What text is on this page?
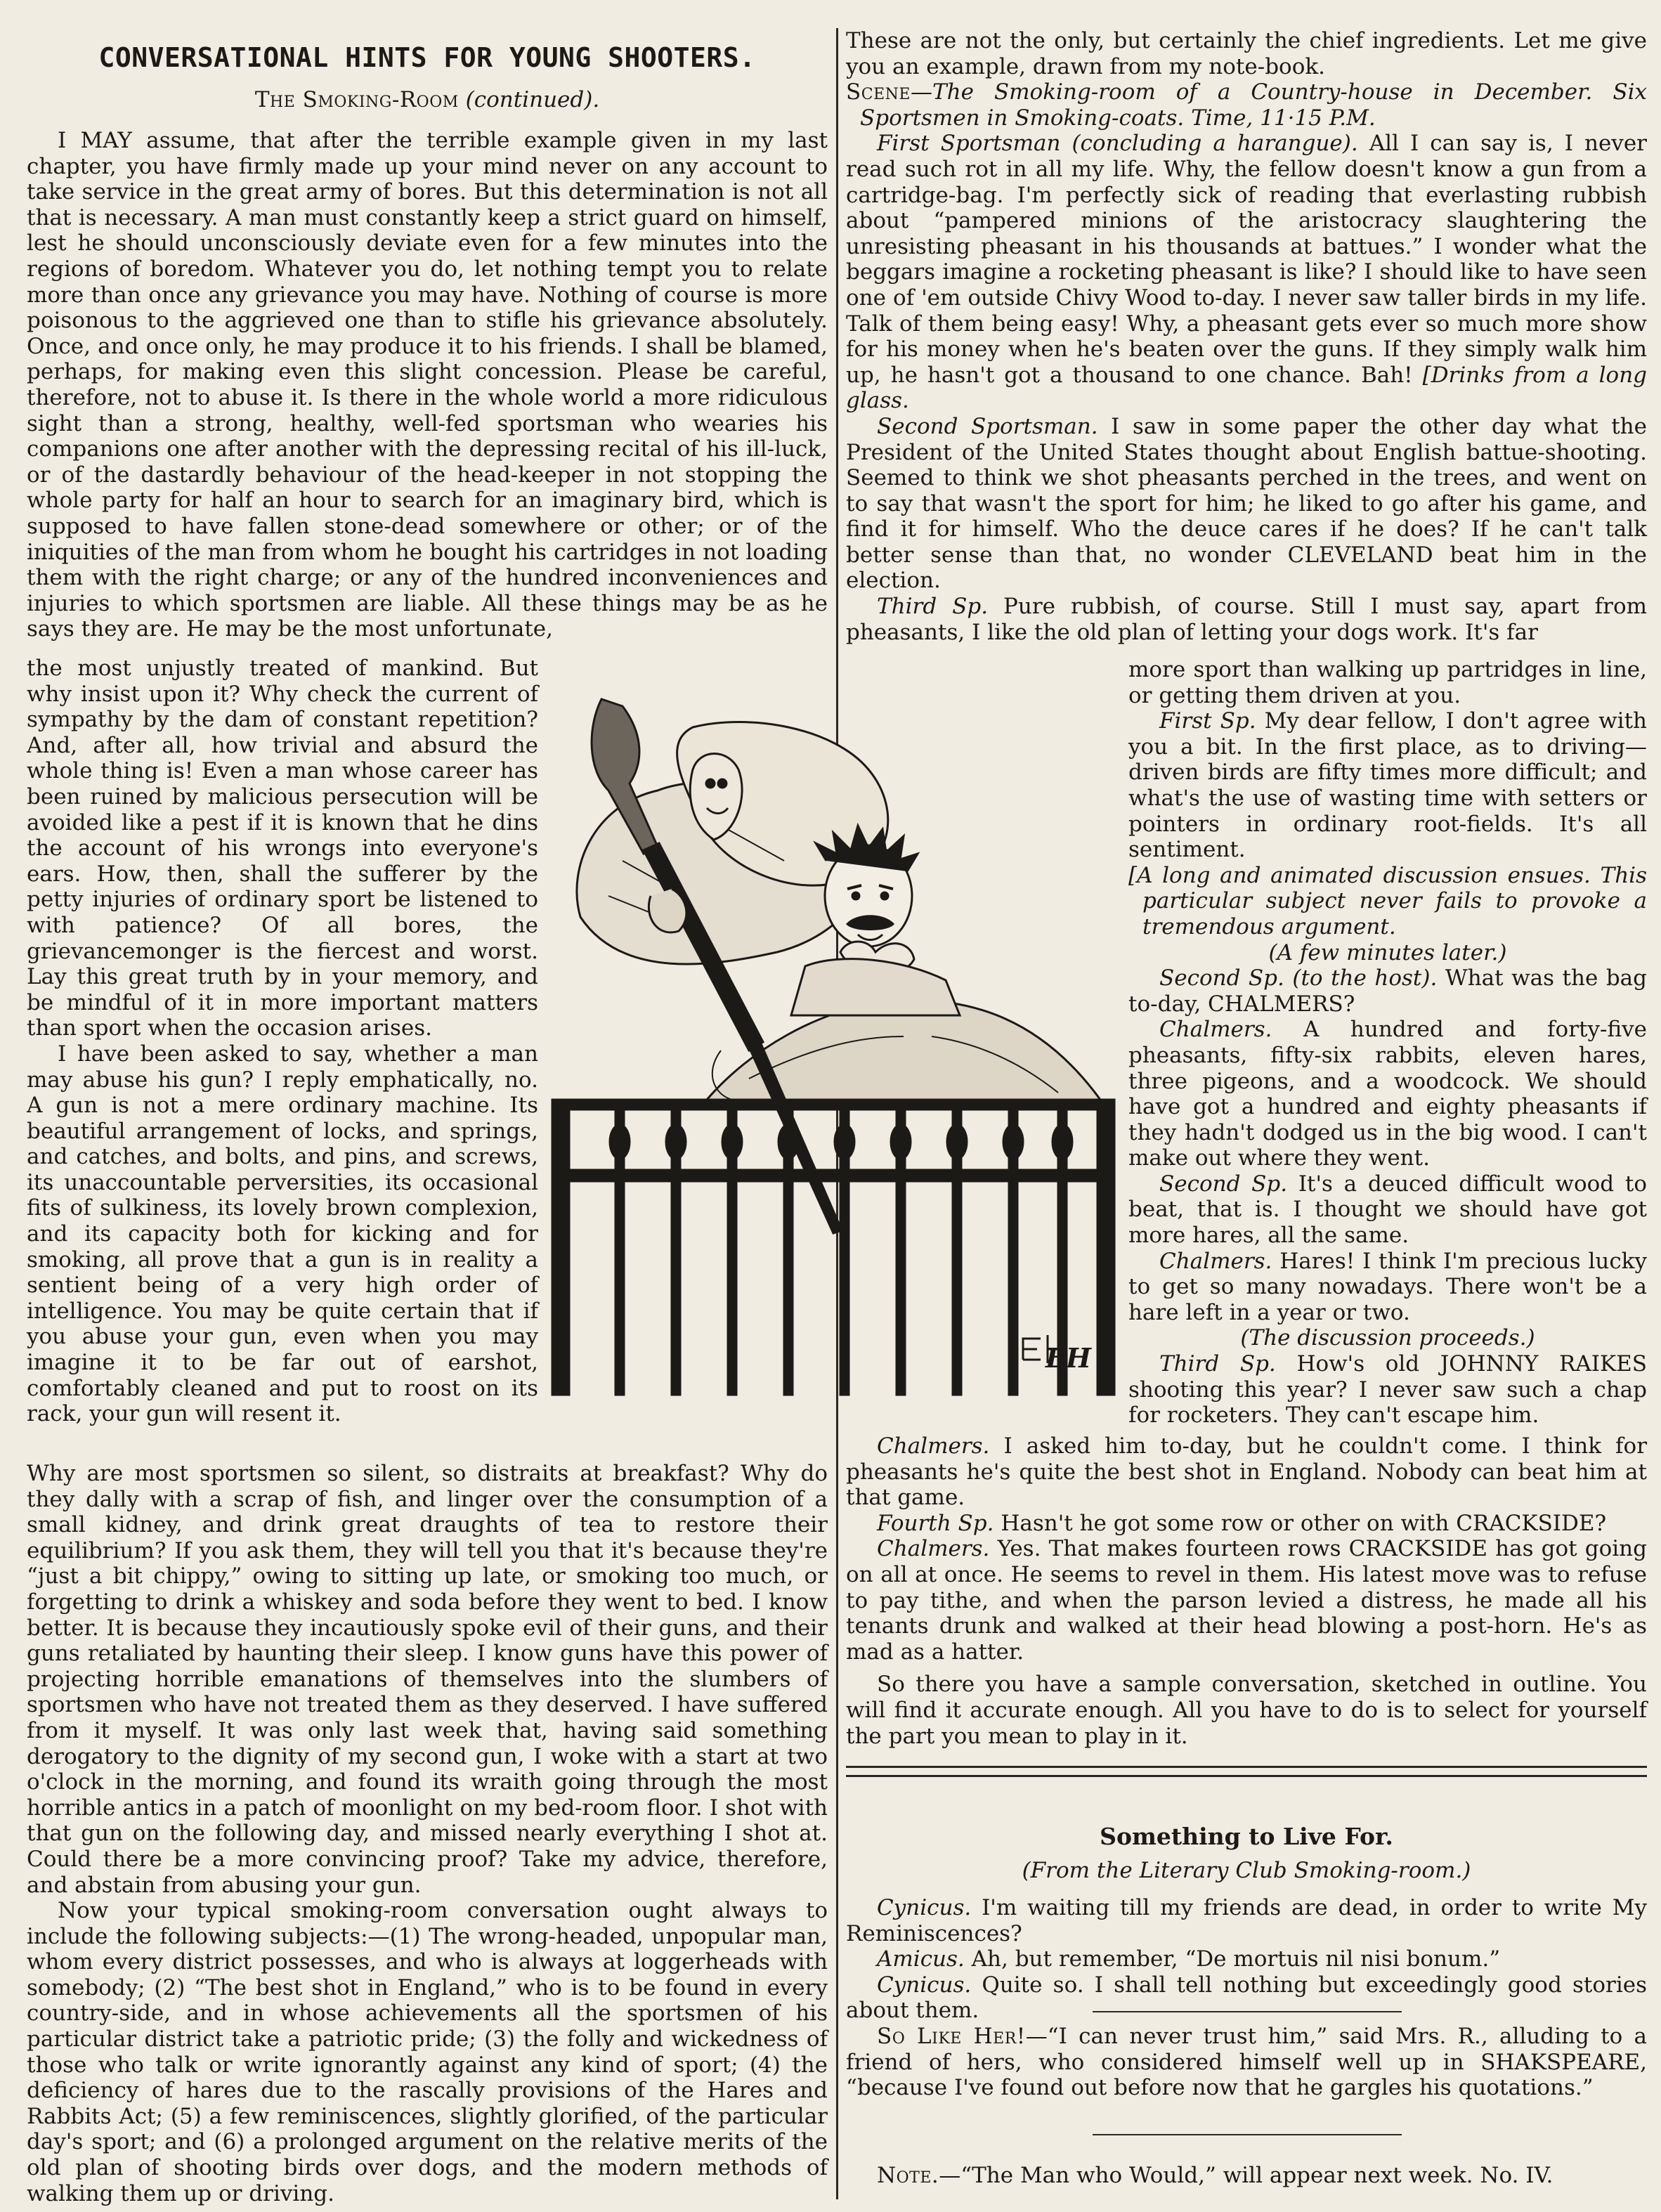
CONVERSATIONAL HINTS FOR YOUNG SHOOTERS.
The Smoking-Room (continued).

I MAY assume, that after the terrible example given in my last chapter, you have firmly made up your mind never on any account to take service in the great army of bores. But this determination is not all that is necessary. A man must constantly keep a strict guard on himself, lest he should unconsciously deviate even for a few minutes into the regions of boredom. Whatever you do, let nothing tempt you to relate more than once any grievance you may have. Nothing of course is more poisonous to the aggrieved one than to stifle his grievance absolutely. Once, and once only, he may produce it to his friends. I shall be blamed, perhaps, for making even this slight concession. Please be careful, therefore, not to abuse it. Is there in the whole world a more ridiculous sight than a strong, healthy, well-fed sportsman who wearies his companions one after another with the depressing recital of his ill-luck, or of the dastardly behaviour of the head-keeper in not stopping the whole party for half an hour to search for an imaginary bird, which is supposed to have fallen stone-dead somewhere or other; or of the iniquities of the man from whom he bought his cartridges in not loading them with the right charge; or any of the hundred inconveniences and injuries to which sportsmen are liable. All these things may be as he says they are. He may be the most unfortunate,

the most unjustly treated of mankind. But why insist upon it? Why check the current of sympathy by the dam of constant repetition? And, after all, how trivial and absurd the whole thing is! Even a man whose career has been ruined by malicious persecution will be avoided like a pest if it is known that he dins the account of his wrongs into everyone's ears. How, then, shall the sufferer by the petty injuries of ordinary sport be listened to with patience? Of all bores, the grievancemonger is the fiercest and worst. Lay this great truth by in your memory, and be mindful of it in more important matters than sport when the occasion arises.

I have been asked to say, whether a man may abuse his gun? I reply emphatically, no. A gun is not a mere ordinary machine. Its beautiful arrangement of locks, and springs, and catches, and bolts, and pins, and screws, its unaccountable perversities, its occasional fits of sulkiness, its lovely brown complexion, and its capacity both for kicking and for smoking, all prove that a gun is in reality a sentient being of a very high order of intelligence. You may be quite certain that if you abuse your gun, even when you may imagine it to be far out of earshot, comfortably cleaned and put to roost on its rack, your gun will resent it.

Why are most sportsmen so silent, so distraits at breakfast? Why do they dally with a scrap of fish, and linger over the consumption of a small kidney, and drink great draughts of tea to restore their equilibrium? If you ask them, they will tell you that it's because they're “just a bit chippy,” owing to sitting up late, or smoking too much, or forgetting to drink a whiskey and soda before they went to bed. I know better. It is because they incautiously spoke evil of their guns, and their guns retaliated by haunting their sleep. I know guns have this power of projecting horrible emanations of themselves into the slumbers of sportsmen who have not treated them as they deserved. I have suffered from it myself. It was only last week that, having said something derogatory to the dignity of my second gun, I woke with a start at two o'clock in the morning, and found its wraith going through the most horrible antics in a patch of moonlight on my bed-room floor. I shot with that gun on the following day, and missed nearly everything I shot at. Could there be a more convincing proof? Take my advice, therefore, and abstain from abusing your gun.

Now your typical smoking-room conversation ought always to include the following subjects:—(1) The wrong-headed, unpopular man, whom every district possesses, and who is always at loggerheads with somebody; (2) “The best shot in England,” who is to be found in every country-side, and in whose achievements all the sportsmen of his particular district take a patriotic pride; (3) the folly and wickedness of those who talk or write ignorantly against any kind of sport; (4) the deficiency of hares due to the rascally provisions of the Hares and Rabbits Act; (5) a few reminiscences, slightly glorified, of the particular day's sport; and (6) a prolonged argument on the relative merits of the old plan of shooting birds over dogs, and the modern methods of walking them up or driving.

These are not the only, but certainly the chief ingredients. Let me give you an example, drawn from my note-book.

Scene—The Smoking-room of a Country-house in December. Six Sportsmen in Smoking-coats. Time, 11·15 P.M.

First Sportsman (concluding a harangue). All I can say is, I never read such rot in all my life. Why, the fellow doesn't know a gun from a cartridge-bag. I'm perfectly sick of reading that everlasting rubbish about “pampered minions of the aristocracy slaughtering the unresisting pheasant in his thousands at battues.” I wonder what the beggars imagine a rocketing pheasant is like? I should like to have seen one of 'em outside Chivy Wood to-day. I never saw taller birds in my life. Talk of them being easy! Why, a pheasant gets ever so much more show for his money when he's beaten over the guns. If they simply walk him up, he hasn't got a thousand to one chance. Bah! [Drinks from a long glass.

Second Sportsman. I saw in some paper the other day what the President of the United States thought about English battue-shooting. Seemed to think we shot pheasants perched in the trees, and went on to say that wasn't the sport for him; he liked to go after his game, and find it for himself. Who the deuce cares if he does? If he can't talk better sense than that, no wonder CLEVELAND beat him in the election.

Third Sp. Pure rubbish, of course. Still I must say, apart from pheasants, I like the old plan of letting your dogs work. It's far

more sport than walking up partridges in line, or getting them driven at you.

First Sp. My dear fellow, I don't agree with you a bit. In the first place, as to driving—driven birds are fifty times more difficult; and what's the use of wasting time with setters or pointers in ordinary root-fields. It's all sentiment.

[A long and animated discussion ensues. This particular subject never fails to provoke a tremendous argument.

(A few minutes later.)

Second Sp. (to the host). What was the bag to-day, CHALMERS?

Chalmers. A hundred and forty-five pheasants, fifty-six rabbits, eleven hares, three pigeons, and a woodcock. We should have got a hundred and eighty pheasants if they hadn't dodged us in the big wood. I can't make out where they went.

Second Sp. It's a deuced difficult wood to beat, that is. I thought we should have got more hares, all the same.

Chalmers. Hares! I think I'm precious lucky to get so many nowadays. There won't be a hare left in a year or two.

(The discussion proceeds.)

Third Sp. How's old JOHNNY RAIKES shooting this year? I never saw such a chap for rocketers. They can't escape him.

Chalmers. I asked him to-day, but he couldn't come. I think for pheasants he's quite the best shot in England. Nobody can beat him at that game.

Fourth Sp. Hasn't he got some row or other on with CRACKSIDE?

Chalmers. Yes. That makes fourteen rows CRACKSIDE has got going on all at once. He seems to revel in them. His latest move was to refuse to pay tithe, and when the parson levied a distress, he made all his tenants drunk and walked at their head blowing a post-horn. He's as mad as a hatter.

So there you have a sample conversation, sketched in outline. You will find it accurate enough. All you have to do is to select for yourself the part you mean to play in it.

Something to Live For.
(From the Literary Club Smoking-room.)

Cynicus. I'm waiting till my friends are dead, in order to write My Reminiscences?

Amicus. Ah, but remember, “De mortuis nil nisi bonum.”

Cynicus. Quite so. I shall tell nothing but exceedingly good stories about them.

So Like Her!—“I can never trust him,” said Mrs. R., alluding to a friend of hers, who considered himself well up in SHAKSPEARE, “because I've found out before now that he gargles his quotations.”

Note.—“The Man who Would,” will appear next week. No. IV.

EH
